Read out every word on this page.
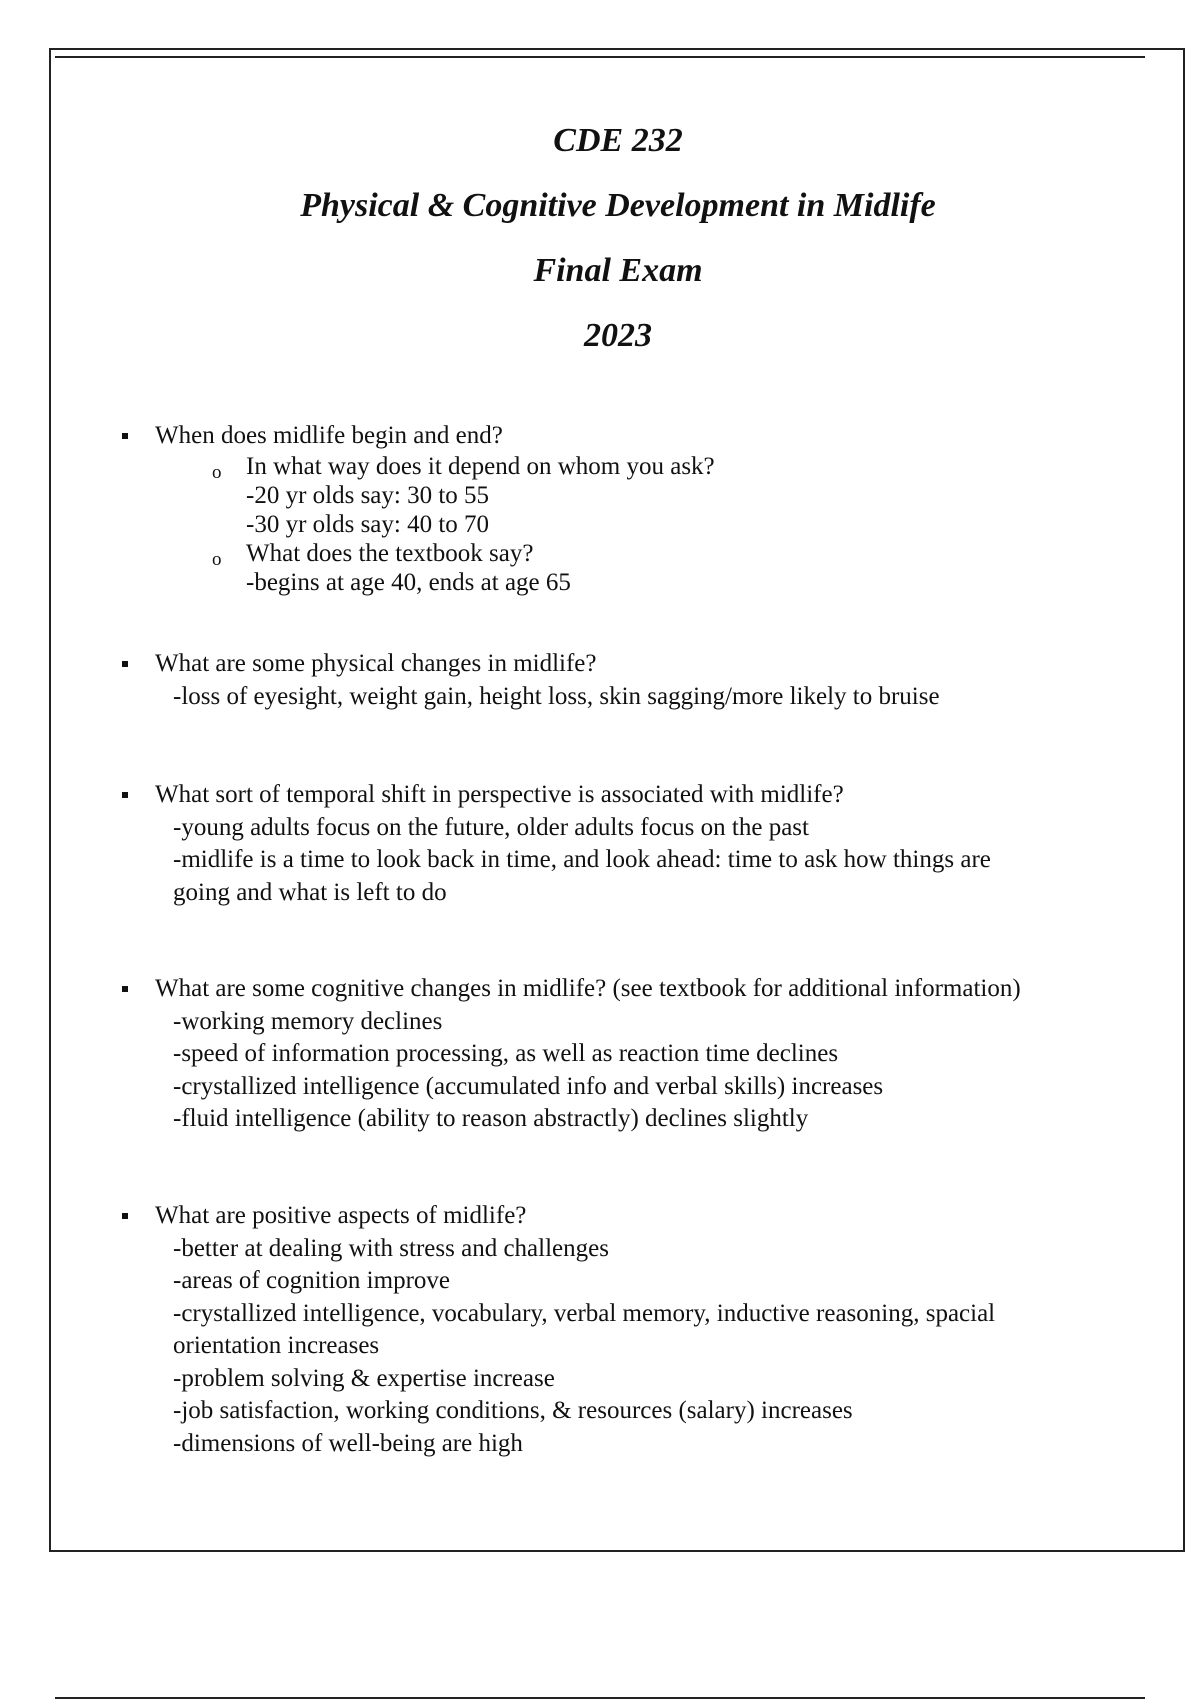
CDE 232
Physical & Cognitive Development in Midlife
Final Exam
2023
When does midlife begin and end?
o In what way does it depend on whom you ask?
-20 yr olds say: 30 to 55
-30 yr olds say: 40 to 70
o What does the textbook say?
-begins at age 40, ends at age 65
What are some physical changes in midlife?
-loss of eyesight, weight gain, height loss, skin sagging/more likely to bruise
What sort of temporal shift in perspective is associated with midlife?
-young adults focus on the future, older adults focus on the past
-midlife is a time to look back in time, and look ahead: time to ask how things are
going and what is left to do
What are some cognitive changes in midlife? (see textbook for additional information)
-working memory declines
-speed of information processing, as well as reaction time declines
-crystallized intelligence (accumulated info and verbal skills) increases
-fluid intelligence (ability to reason abstractly) declines slightly
What are positive aspects of midlife?
-better at dealing with stress and challenges
-areas of cognition improve
-crystallized intelligence, vocabulary, verbal memory, inductive reasoning, spacial
orientation increases
-problem solving & expertise increase
-job satisfaction, working conditions, & resources (salary) increases
-dimensions of well-being are high
